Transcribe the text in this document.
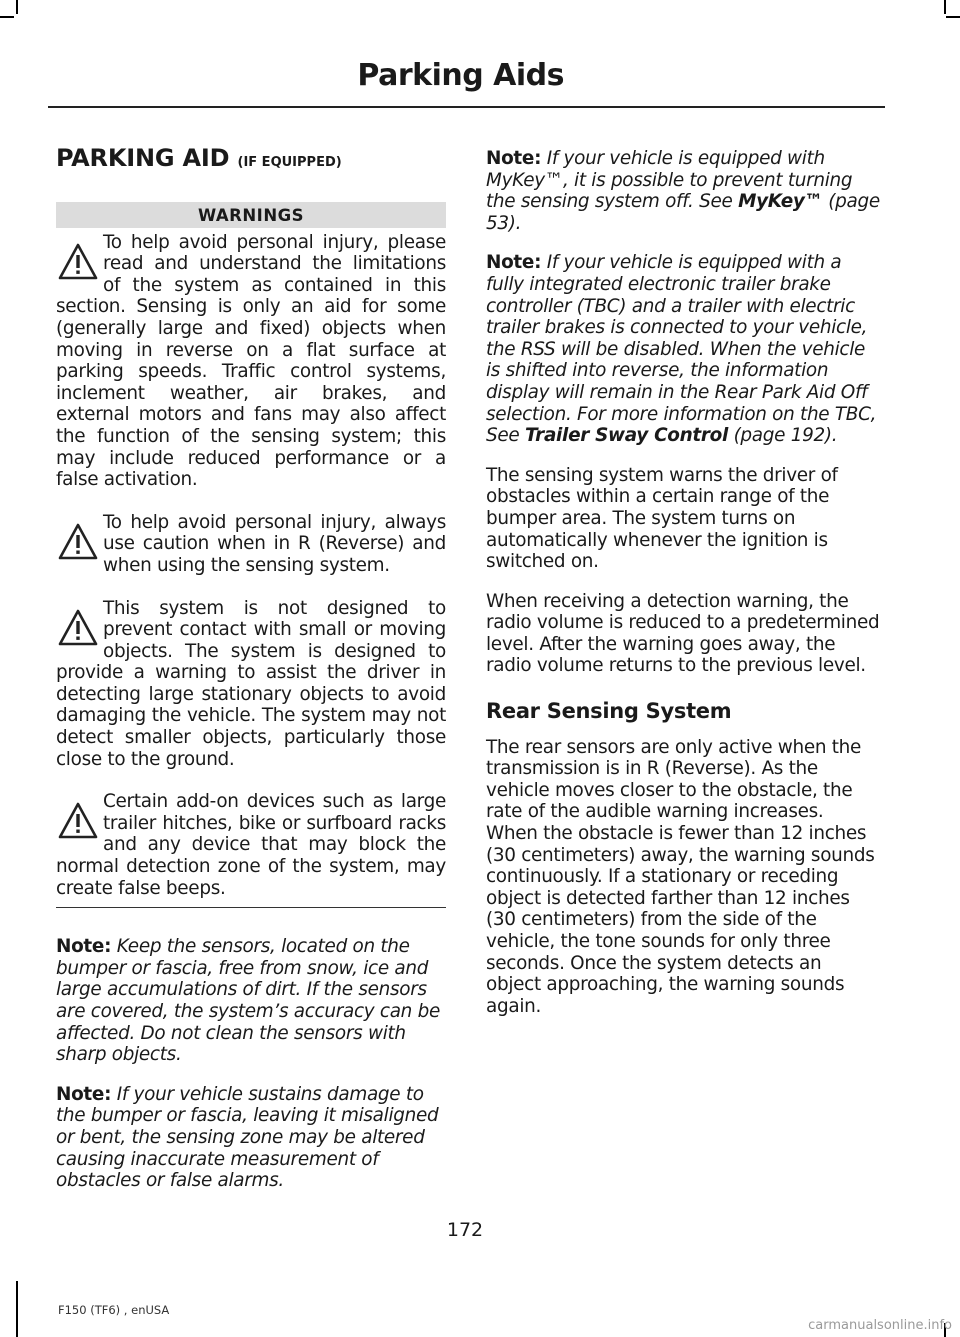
Parking Aids
PARKING AID (IF EQUIPPED)
WARNINGS
To help avoid personal injury, please read and understand the limitations of the system as contained in this section. Sensing is only an aid for some (generally large and fixed) objects when moving in reverse on a flat surface at parking speeds. Traffic control systems, inclement weather, air brakes, and external motors and fans may also affect the function of the sensing system; this may include reduced performance or a false activation.
To help avoid personal injury, always use caution when in R (Reverse) and when using the sensing system.
This system is not designed to prevent contact with small or moving objects. The system is designed to provide a warning to assist the driver in detecting large stationary objects to avoid damaging the vehicle. The system may not detect smaller objects, particularly those close to the ground.
Certain add-on devices such as large trailer hitches, bike or surfboard racks and any device that may block the normal detection zone of the system, may create false beeps.

Note: Keep the sensors, located on the bumper or fascia, free from snow, ice and large accumulations of dirt. If the sensors are covered, the system’s accuracy can be affected. Do not clean the sensors with sharp objects.

Note: If your vehicle sustains damage to the bumper or fascia, leaving it misaligned or bent, the sensing zone may be altered causing inaccurate measurement of obstacles or false alarms.

Note: If your vehicle is equipped with MyKey™, it is possible to prevent turning the sensing system off. See MyKey™ (page 53).

Note: If your vehicle is equipped with a fully integrated electronic trailer brake controller (TBC) and a trailer with electric trailer brakes is connected to your vehicle, the RSS will be disabled. When the vehicle is shifted into reverse, the information display will remain in the Rear Park Aid Off selection. For more information on the TBC, See Trailer Sway Control (page 192).

The sensing system warns the driver of obstacles within a certain range of the bumper area. The system turns on automatically whenever the ignition is switched on.

When receiving a detection warning, the radio volume is reduced to a predetermined level. After the warning goes away, the radio volume returns to the previous level.

Rear Sensing System

The rear sensors are only active when the transmission is in R (Reverse). As the vehicle moves closer to the obstacle, the rate of the audible warning increases. When the obstacle is fewer than 12 inches (30 centimeters) away, the warning sounds continuously. If a stationary or receding object is detected farther than 12 inches (30 centimeters) from the side of the vehicle, the tone sounds for only three seconds. Once the system detects an object approaching, the warning sounds again.

172
F150 (TF6) , enUSA
carmanualsonline.info
